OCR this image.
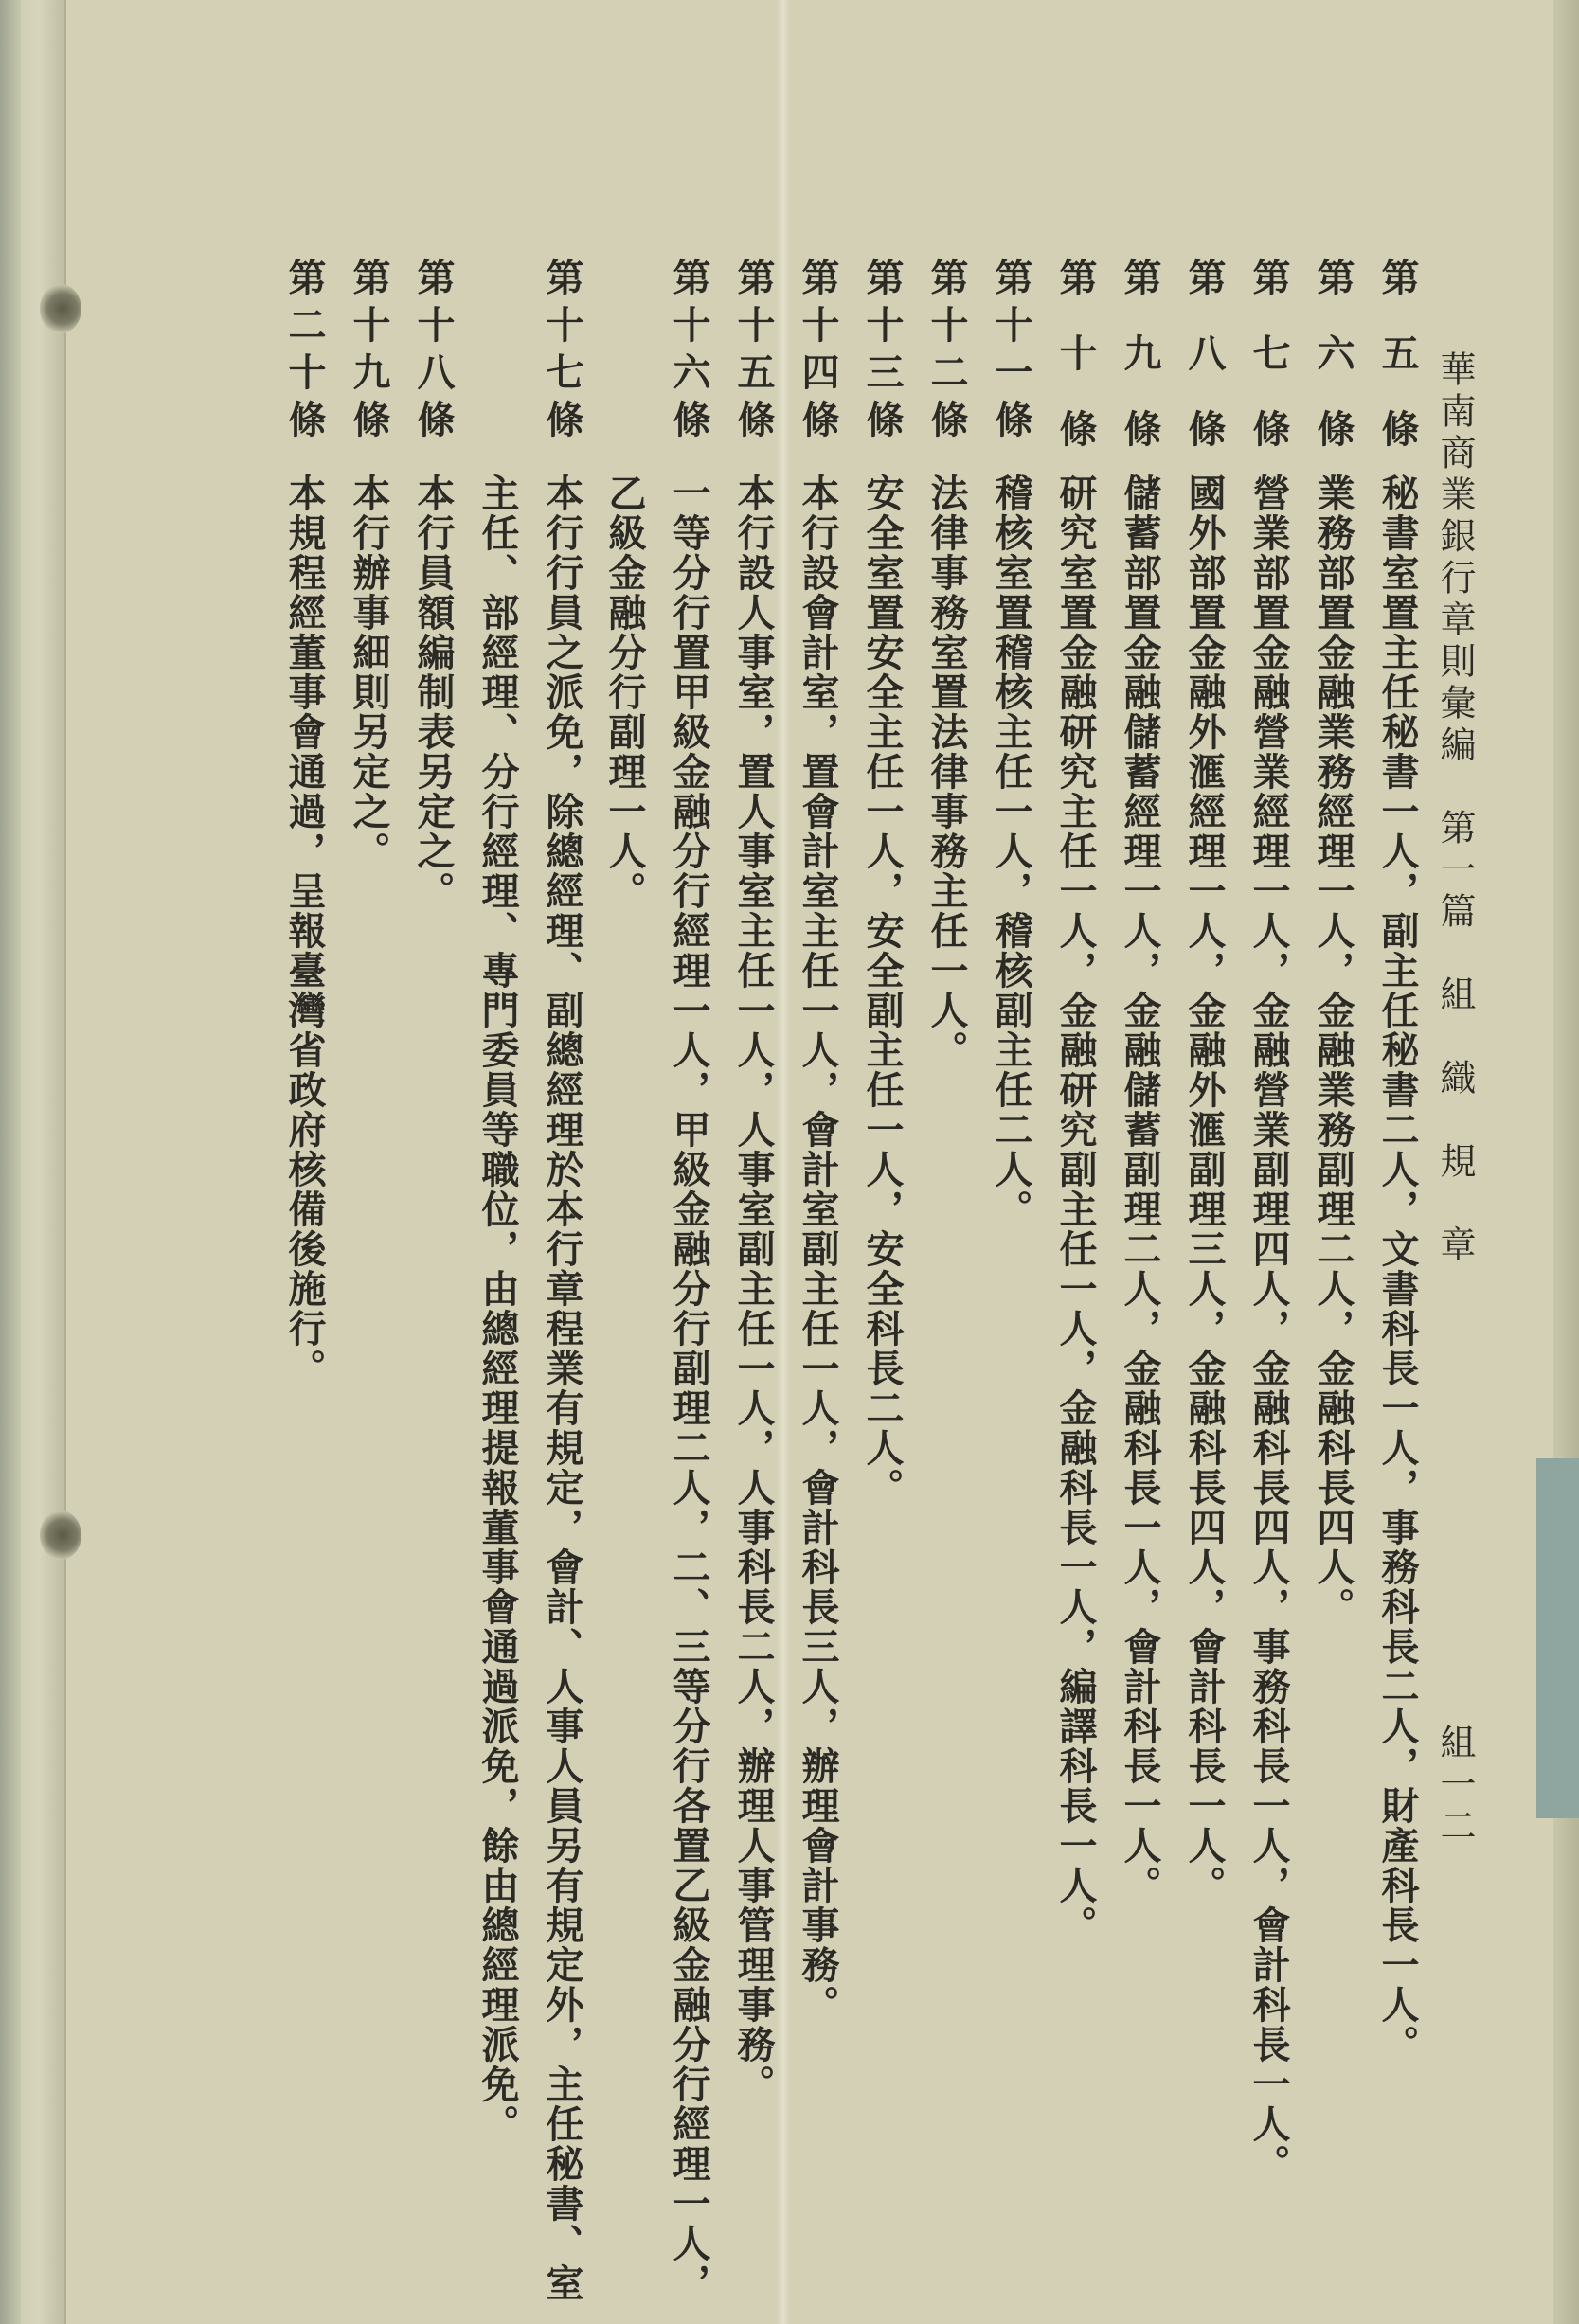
華南商業銀行章則彙編　第一篇　組　織　規　章
組一二
第　五　條
秘書室置主任秘書一人，副主任秘書二人，文書科長一人，事務科長二人，財產科長一人。
第　六　條
業務部置金融業務經理一人，金融業務副理二人，金融科長四人。
第　七　條
營業部置金融營業經理一人，金融營業副理四人，金融科長四人，事務科長一人，會計科長一人。
第　八　條
國外部置金融外滙經理一人，金融外滙副理三人，金融科長四人，會計科長一人。
第　九　條
儲蓄部置金融儲蓄經理一人，金融儲蓄副理二人，金融科長一人，會計科長一人。
第　十　條
研究室置金融研究主任一人，金融研究副主任一人，金融科長一人，編譯科長一人。
第十一條
稽核室置稽核主任一人，稽核副主任二人。
第十二條
法律事務室置法律事務主任一人。
第十三條
安全室置安全主任一人，安全副主任一人，安全科長二人。
第十四條
本行設會計室，置會計室主任一人，會計室副主任一人，會計科長三人，辦理會計事務。
第十五條
本行設人事室，置人事室主任一人，人事室副主任一人，人事科長二人，辦理人事管理事務。
第十六條
一等分行置甲級金融分行經理一人，甲級金融分行副理二人，二、三等分行各置乙級金融分行經理一人，
乙級金融分行副理一人。
第十七條
本行行員之派免，除總經理、副總經理於本行章程業有規定，會計、人事人員另有規定外，主任秘書、室
主任、部經理、分行經理、專門委員等職位，由總經理提報董事會通過派免，餘由總經理派免。
第十八條
本行員額編制表另定之。
第十九條
本行辦事細則另定之。
第二十條
本規程經董事會通過，呈報臺灣省政府核備後施行。
